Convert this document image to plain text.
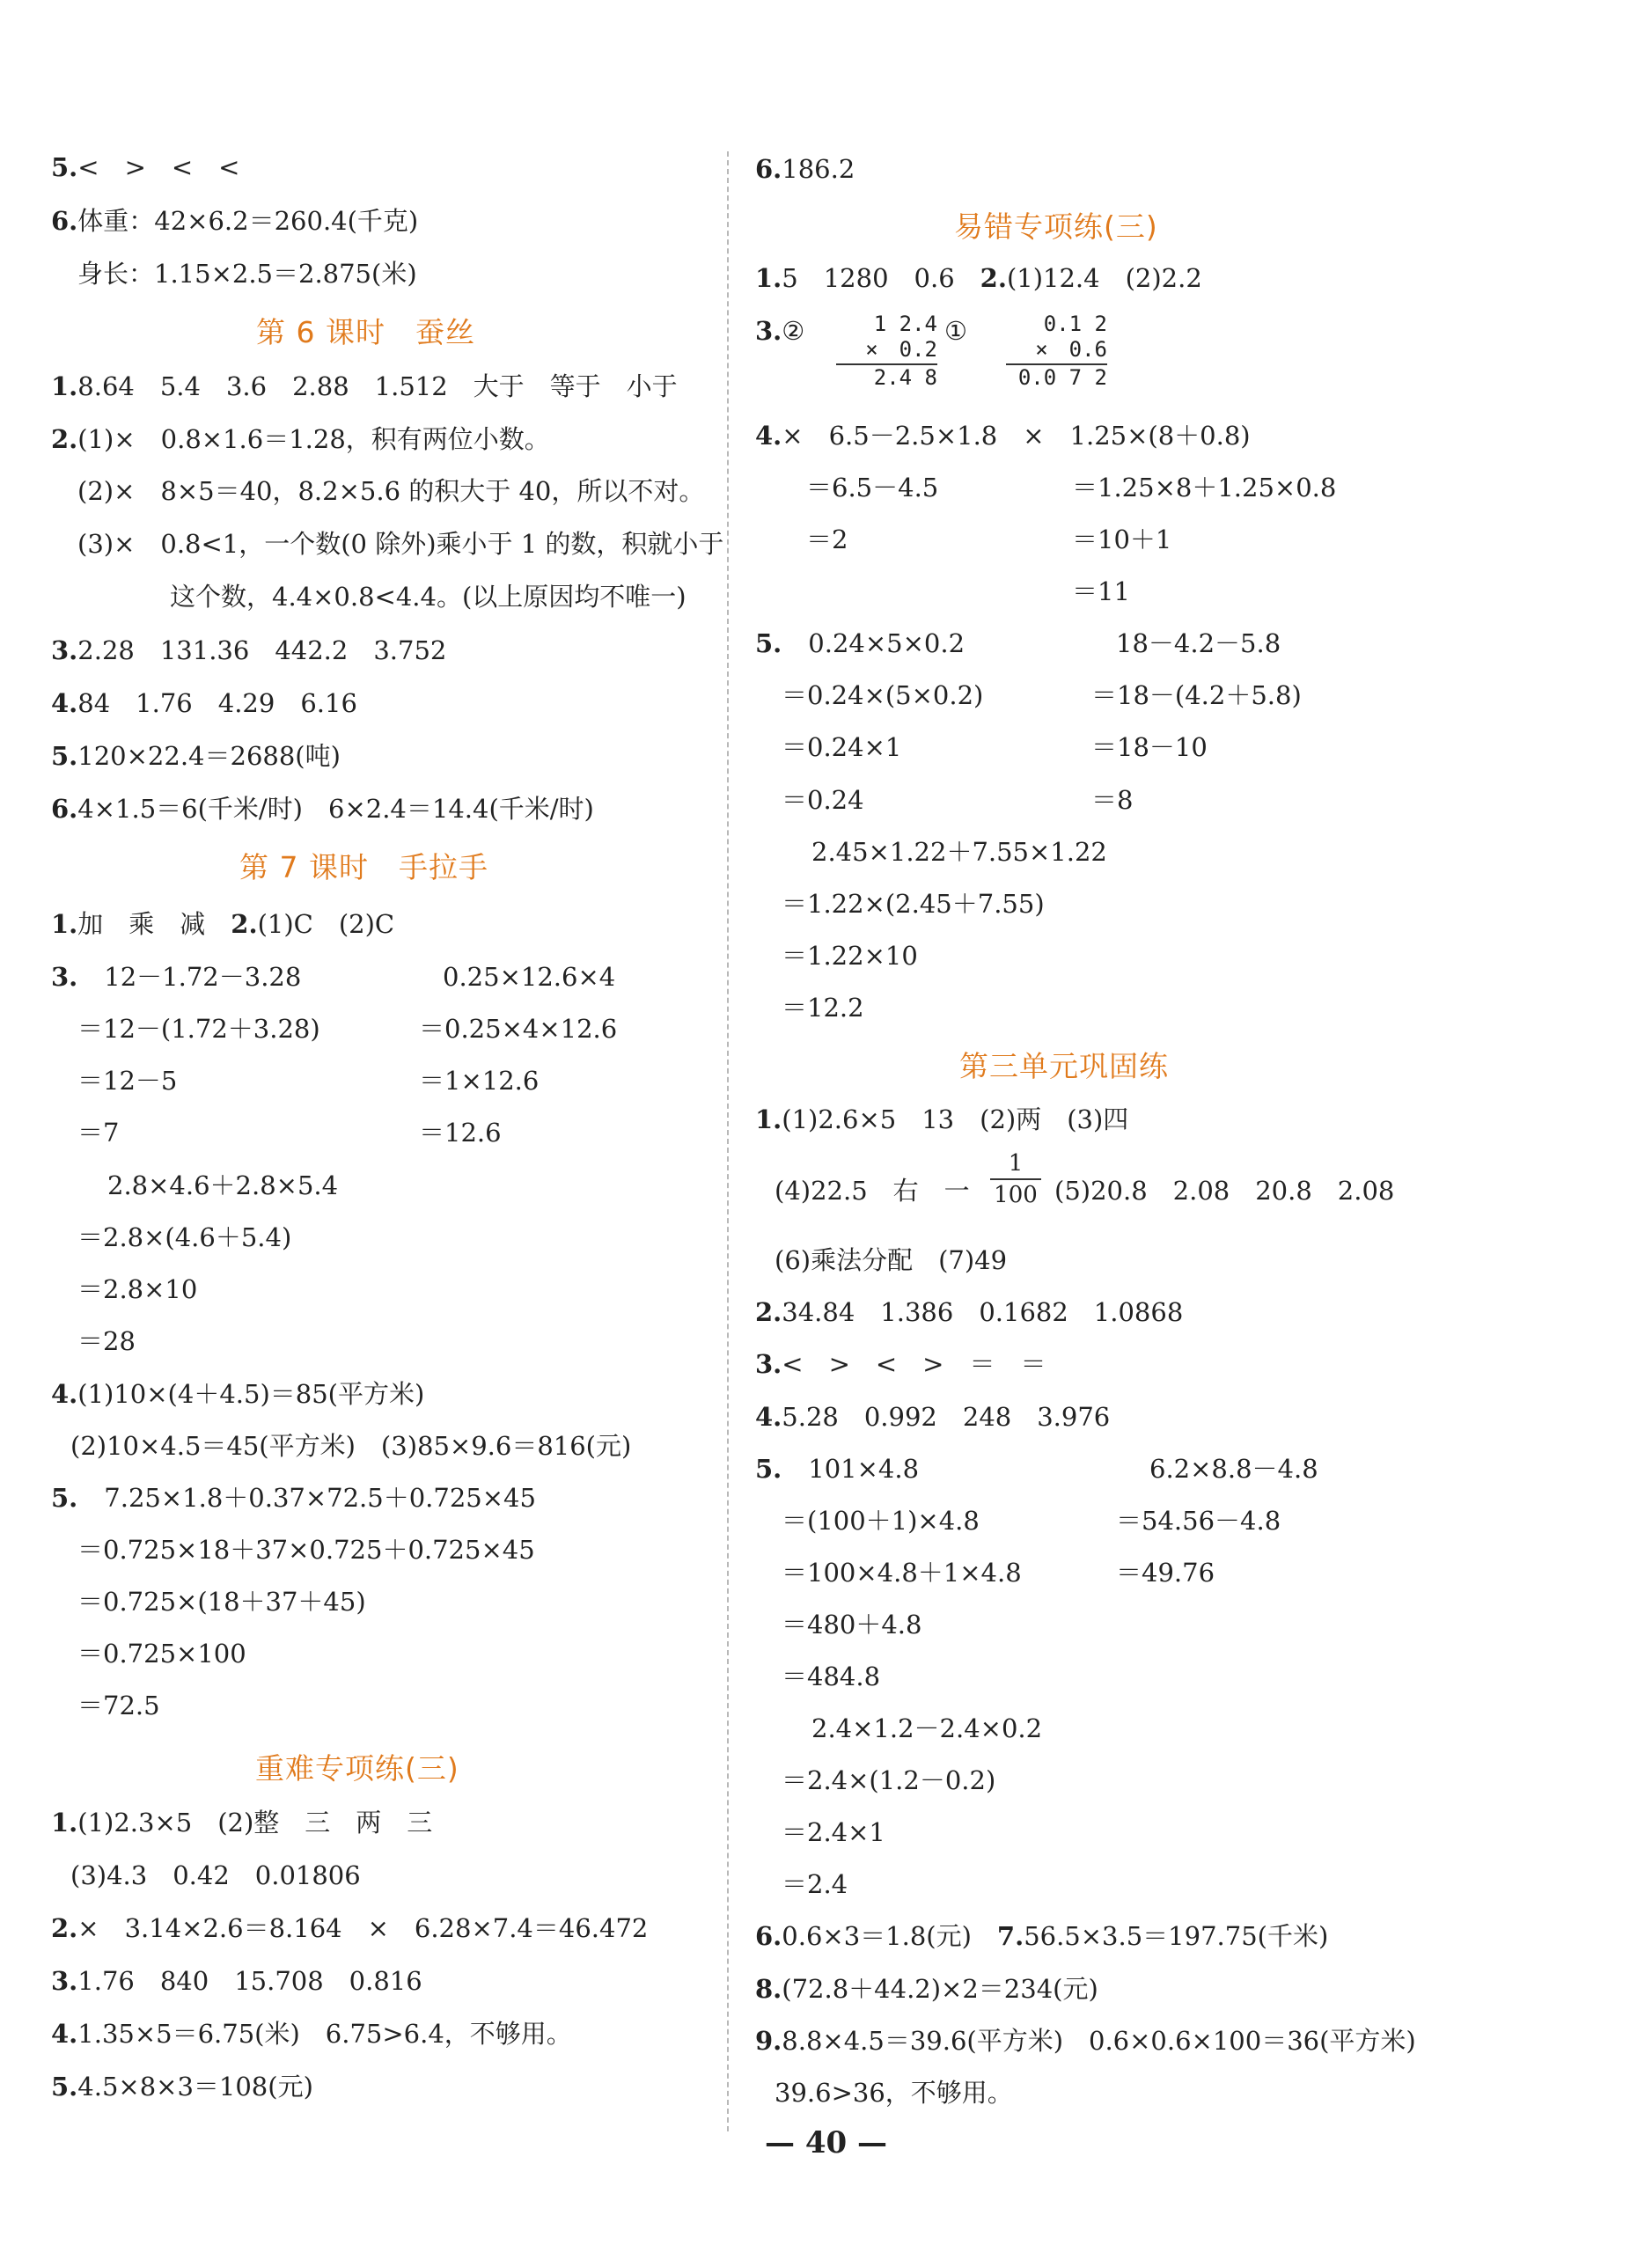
5.<　>　<　<
6.体重：42×6.2＝260.4(千克)
身长：1.15×2.5＝2.875(米)
第 6 课时　蚕丝
1.8.64　5.4　3.6　2.88　1.512　大于　等于　小于
2.(1)×　0.8×1.6＝1.28，积有两位小数。
(2)×　8×5＝40，8.2×5.6 的积大于 40，所以不对。
(3)×　0.8<1，一个数(0 除外)乘小于 1 的数，积就小于
这个数，4.4×0.8<4.4。(以上原因均不唯一)
3.2.28　131.36　442.2　3.752
4.84　1.76　4.29　6.16
5.120×22.4＝2688(吨)
6.4×1.5＝6(千米/时)　6×2.4＝14.4(千米/时)
第 7 课时　手拉手
1.加　乘　减　2.(1)C　(2)C
3. 12－1.72－3.28	0.25×12.6×4
＝12－(1.72＋3.28)	＝0.25×4×12.6
＝12－5	＝1×12.6
＝7	＝12.6
2.8×4.6＋2.8×5.4
＝2.8×(4.6＋5.4)
＝2.8×10
＝28
4.(1)10×(4＋4.5)＝85(平方米)
(2)10×4.5＝45(平方米)　(3)85×9.6＝816(元)
5. 7.25×1.8＋0.37×72.5＋0.725×45
＝0.725×18＋37×0.725＋0.725×45
＝0.725×(18＋37＋45)
＝0.725×100
＝72.5
重难专项练(三)
1.(1)2.3×5　(2)整　三　两　三
(3)4.3　0.42　0.01806
2.×　3.14×2.6＝8.164　×　6.28×7.4＝46.472
3.1.76　840　15.708　0.816
4.1.35×5＝6.75(米)　6.75>6.4，不够用。
5.4.5×8×3＝108(元)
6.186.2
易错专项练(三)
1.5　1280　0.6　2.(1)12.4　(2)2.2
3.②	1 2.4
×　0.2
2.4 8
①	0.1 2
×　0.6
0.0 7 2
4.×　6.5－2.5×1.8　×　1.25×(8＋0.8)
＝6.5－4.5	＝1.25×8＋1.25×0.8
＝2	＝10＋1
＝11
5. 0.24×5×0.2	18－4.2－5.8
＝0.24×(5×0.2)	＝18－(4.2＋5.8)
＝0.24×1	＝18－10
＝0.24	＝8
2.45×1.22＋7.55×1.22
＝1.22×(2.45＋7.55)
＝1.22×10
＝12.2
第三单元巩固练
1.(1)2.6×5　13　(2)两　(3)四
(4)22.5　右　一 $\frac{1}{100} (5)20.8$　2.08　20.8　2.08
(6)乘法分配　(7)49
2.34.84　1.386　0.1682　1.0868
3.<　>　<　>　＝　＝
4.5.28　0.992　248　3.976
5. 101×4.8	6.2×8.8－4.8
＝(100＋1)×4.8	＝54.56－4.8
＝100×4.8＋1×4.8	＝49.76
＝480＋4.8
＝484.8
2.4×1.2－2.4×0.2
＝2.4×(1.2－0.2)
＝2.4×1
＝2.4
6.0.6×3＝1.8(元)　7.56.5×3.5＝197.75(千米)
8.(72.8＋44.2)×2＝234(元)
9.8.8×4.5＝39.6(平方米)　0.6×0.6×100＝36(平方米)
39.6>36，不够用。
— 40 —
